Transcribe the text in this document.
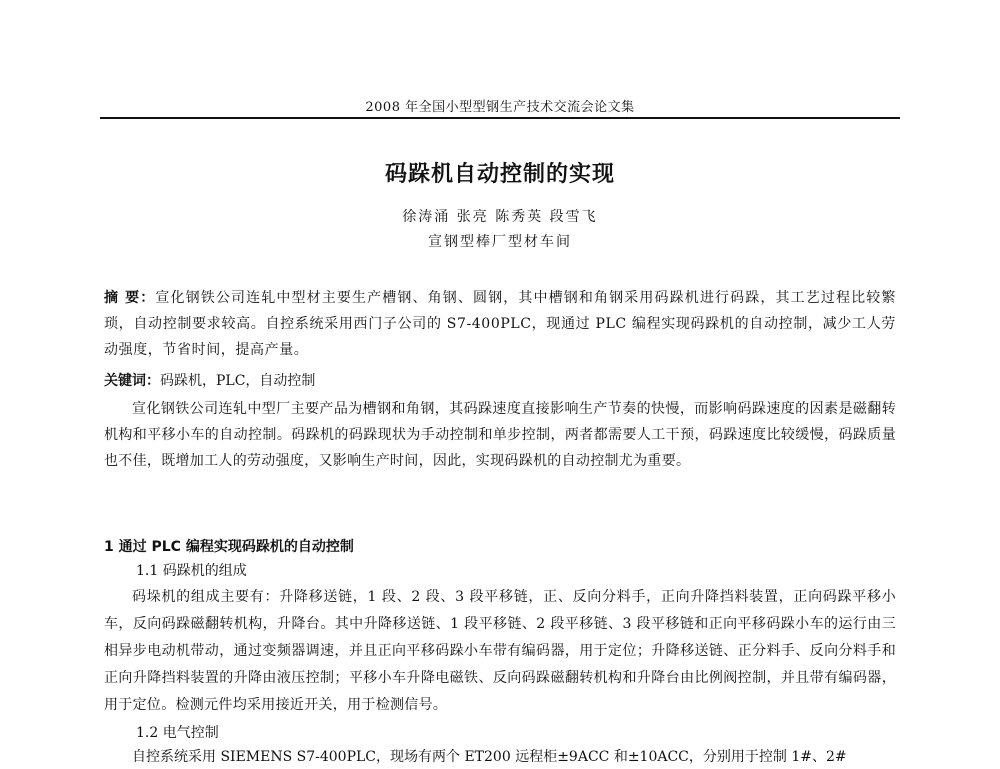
2008 年全国小型型钢生产技术交流会论文集
码跺机自动控制的实现
徐涛涌 张亮 陈秀英 段雪飞
宣钢型棒厂型材车间
摘 要：宣化钢铁公司连轧中型材主要生产槽钢、角钢、圆钢，其中槽钢和角钢采用码跺机进行码跺，其工艺过程比较繁琐，自动控制要求较高。自控系统采用西门子公司的 S7-400PLC，现通过 PLC 编程实现码跺机的自动控制，减少工人劳动强度，节省时间，提高产量。
关键词：码跺机，PLC，自动控制
宣化钢铁公司连轧中型厂主要产品为槽钢和角钢，其码跺速度直接影响生产节奏的快慢，而影响码跺速度的因素是磁翻转机构和平移小车的自动控制。码跺机的码跺现状为手动控制和单步控制，两者都需要人工干预，码跺速度比较缓慢，码跺质量也不佳，既增加工人的劳动强度，又影响生产时间，因此，实现码跺机的自动控制尤为重要。
1 通过 PLC 编程实现码跺机的自动控制
1.1 码跺机的组成
码垛机的组成主要有：升降移送链，1 段、2 段、3 段平移链，正、反向分料手，正向升降挡料装置，正向码跺平移小车，反向码跺磁翻转机构，升降台。其中升降移送链、1 段平移链、2 段平移链、3 段平移链和正向平移码跺小车的运行由三相异步电动机带动，通过变频器调速，并且正向平移码跺小车带有编码器，用于定位；升降移送链、正分料手、反向分料手和正向升降挡料装置的升降由液压控制；平移小车升降电磁铁、反向码跺磁翻转机构和升降台由比例阀控制，并且带有编码器，用于定位。检测元件均采用接近开关，用于检测信号。
1.2 电气控制
自控系统采用 SIEMENS S7-400PLC，现场有两个 ET200 远程柜±9ACC 和±10ACC，分别用于控制 1#、2#
